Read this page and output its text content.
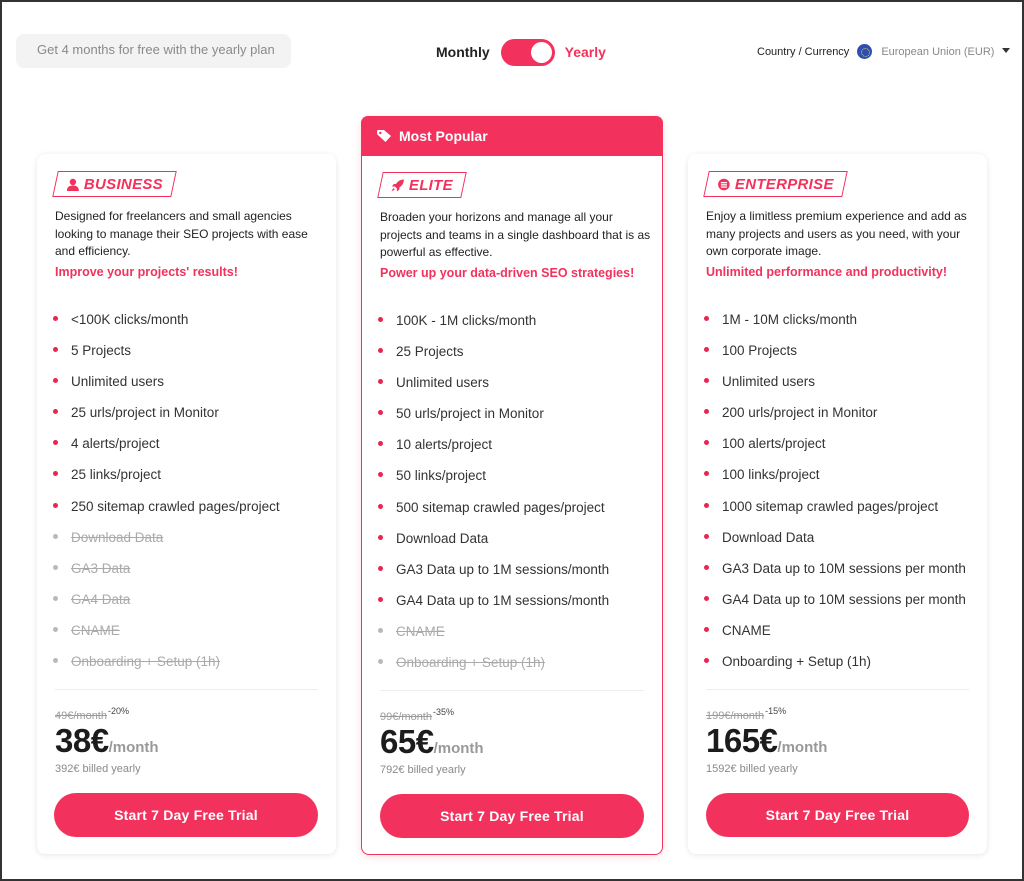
Get 4 months for free with the yearly plan	Monthly	Yearly	Country / Currency	European Union (EUR)
BUSINESS
Designed for freelancers and small agencies
looking to manage their SEO projects with ease
and efficiency.
Improve your projects' results!
<100K clicks/month
5 Projects
Unlimited users
25 urls/project in Monitor
4 alerts/project
25 links/project
250 sitemap crawled pages/project
Download Data
GA3 Data
GA4 Data
CNAME
Onboarding + Setup (1h)
49€/month$^{-20\%}$
38€ /month
392€ billed yearly
Start 7 Day Free Trial
Most Popular
ELITE
Broaden your horizons and manage all your
projects and teams in a single dashboard that is as
powerful as effective.
Power up your data-driven SEO strategies!
100K - 1M clicks/month
25 Projects
Unlimited users
50 urls/project in Monitor
10 alerts/project
50 links/project
500 sitemap crawled pages/project
Download Data
GA3 Data up to 1M sessions/month
GA4 Data up to 1M sessions/month
CNAME
Onboarding + Setup (1h)
99€/month$^{-35\%}$
65€ /month
792€ billed yearly
Start 7 Day Free Trial
ENTERPRISE
Enjoy a limitless premium experience and add as
many projects and users as you need, with your
own corporate image.
Unlimited performance and productivity!
1M - 10M clicks/month
100 Projects
Unlimited users
200 urls/project in Monitor
100 alerts/project
100 links/project
1000 sitemap crawled pages/project
Download Data
GA3 Data up to 10M sessions per month
GA4 Data up to 10M sessions per month
CNAME
Onboarding + Setup (1h)
199€/month$^{-15\%}$
165€ /month
1592€ billed yearly
Start 7 Day Free Trial
